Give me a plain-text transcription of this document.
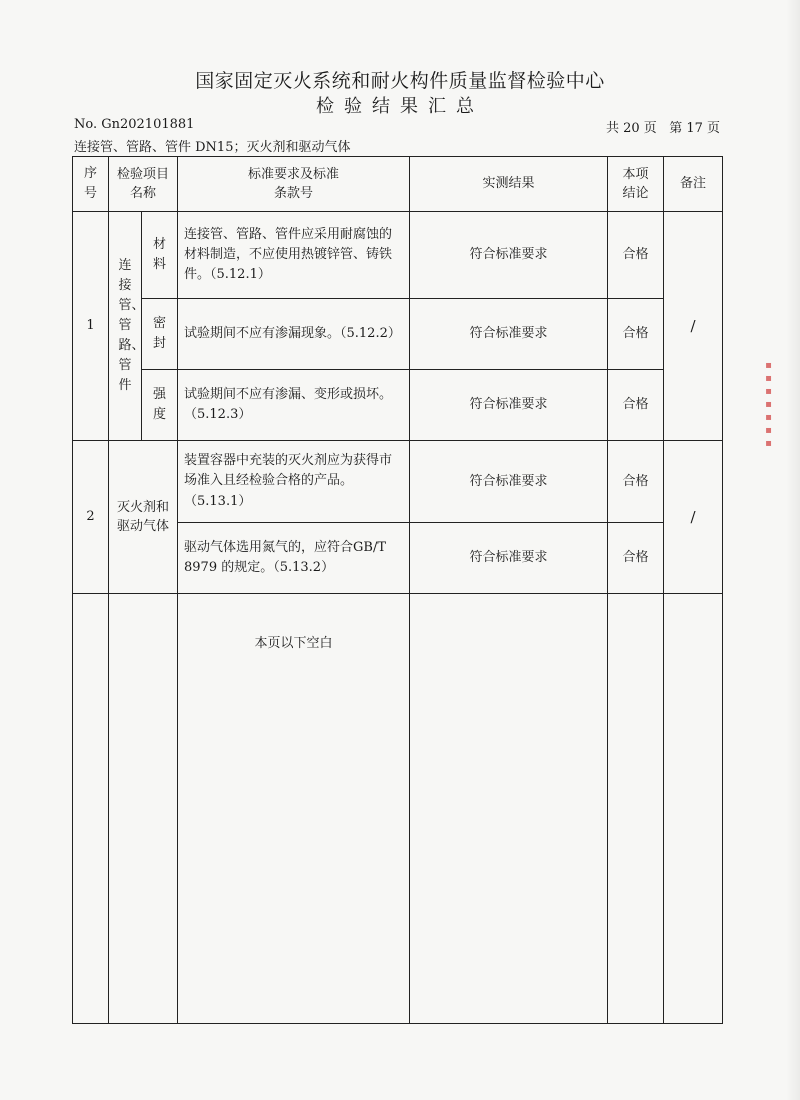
国家固定灭火系统和耐火构件质量监督检验中心
检验结果汇总
No. Gn202101881	共 20 页   第 17 页
连接管、管路、管件 DN15；灭火剂和驱动气体
序号	检验项目名称		标准要求及标准条款号	实测结果	本项结论	备注
1	连接管、管路、管件	材料	连接管、管路、管件应采用耐腐蚀的材料制造，不应使用热镀锌管、铸铁件。（5.12.1）	符合标准要求	合格	/
		密封	试验期间不应有渗漏现象。（5.12.2）	符合标准要求	合格	
		强度	试验期间不应有渗漏、变形或损坏。（5.12.3）	符合标准要求	合格	
2	灭火剂和驱动气体		装置容器中充装的灭火剂应为获得市场准入且经检验合格的产品。（5.13.1）	符合标准要求	合格	/
			驱动气体选用氮气的，应符合GB/T 8979 的规定。（5.13.2）	符合标准要求	合格	
			本页以下空白			
▪▪▪▪▪▪▪
